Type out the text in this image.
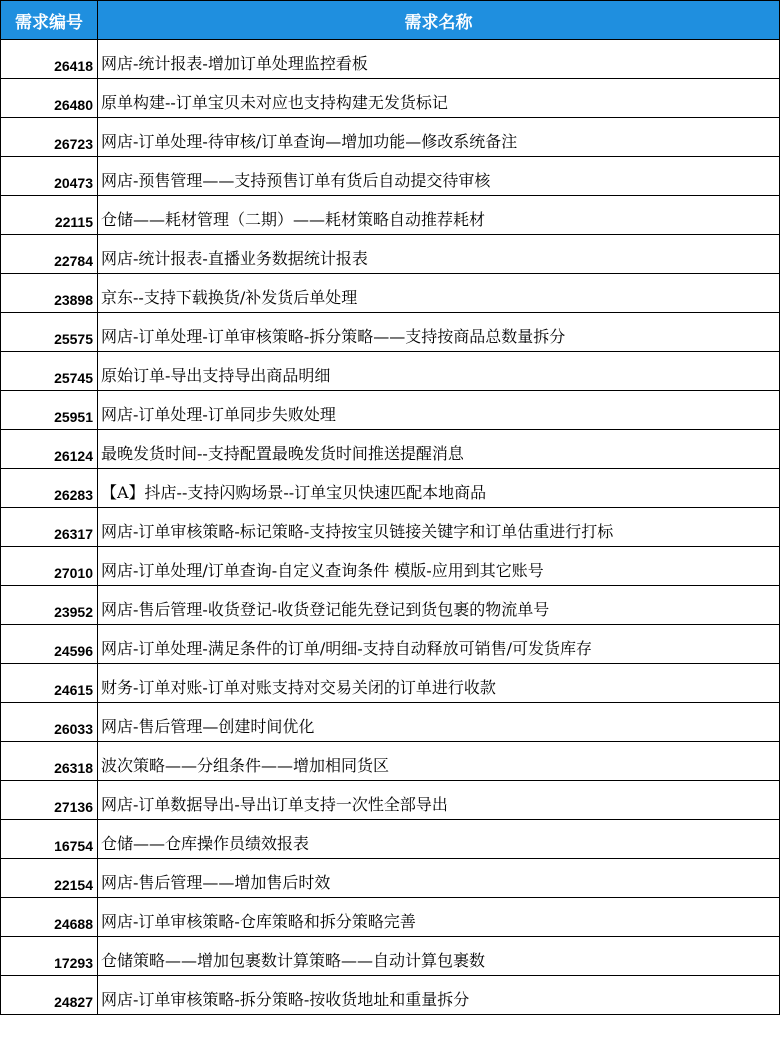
需求编号	需求名称
26418	网店-统计报表-增加订单处理监控看板
26480	原单构建--订单宝贝未对应也支持构建无发货标记
26723	网店-订单处理-待审核/订单查询—增加功能—修改系统备注
20473	网店-预售管理——支持预售订单有货后自动提交待审核
22115	仓储——耗材管理（二期）——耗材策略自动推荐耗材
22784	网店-统计报表-直播业务数据统计报表
23898	京东--支持下载换货/补发货后单处理
25575	网店-订单处理-订单审核策略-拆分策略——支持按商品总数量拆分
25745	原始订单-导出支持导出商品明细
25951	网店-订单处理-订单同步失败处理
26124	最晚发货时间--支持配置最晚发货时间推送提醒消息
26283	【A】抖店--支持闪购场景--订单宝贝快速匹配本地商品
26317	网店-订单审核策略-标记策略-支持按宝贝链接关键字和订单估重进行打标
27010	网店-订单处理/订单查询-自定义查询条件 模版-应用到其它账号
23952	网店-售后管理-收货登记-收货登记能先登记到货包裹的物流单号
24596	网店-订单处理-满足条件的订单/明细-支持自动释放可销售/可发货库存
24615	财务-订单对账-订单对账支持对交易关闭的订单进行收款
26033	网店-售后管理—创建时间优化
26318	波次策略——分组条件——增加相同货区
27136	网店-订单数据导出-导出订单支持一次性全部导出
16754	仓储——仓库操作员绩效报表
22154	网店-售后管理——增加售后时效
24688	网店-订单审核策略-仓库策略和拆分策略完善
17293	仓储策略——增加包裹数计算策略——自动计算包裹数
24827	网店-订单审核策略-拆分策略-按收货地址和重量拆分
